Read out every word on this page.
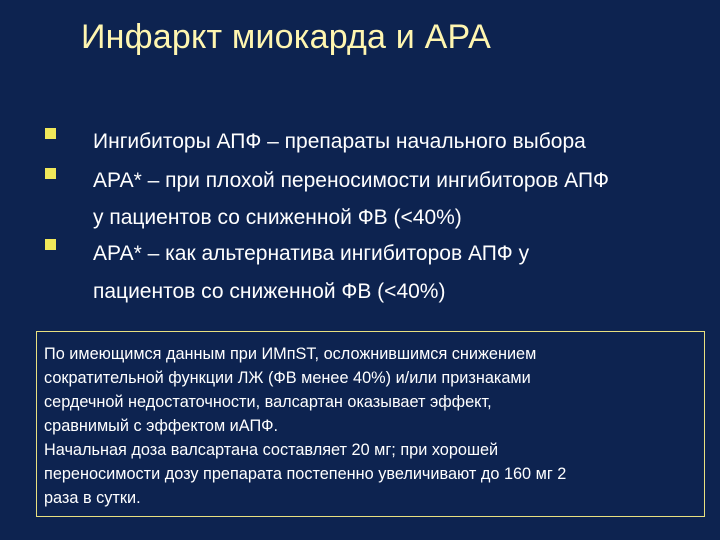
Инфаркт миокарда и АРА
Ингибиторы АПФ – препараты начального выбора
АРА* – при плохой переносимости ингибиторов АПФ
у пациентов со сниженной ФВ (<40%)
АРА* – как альтернатива ингибиторов АПФ у
пациентов со сниженной ФВ (<40%)
По имеющимся данным при ИМпST, осложнившимся снижением
сократительной функции ЛЖ (ФВ менее 40%) и/или признаками
сердечной недостаточности, валсартан оказывает эффект,
сравнимый с эффектом иАПФ.
Начальная доза валсартана составляет 20 мг; при хорошей
переносимости дозу препарата постепенно увеличивают до 160 мг 2
раза в сутки.
